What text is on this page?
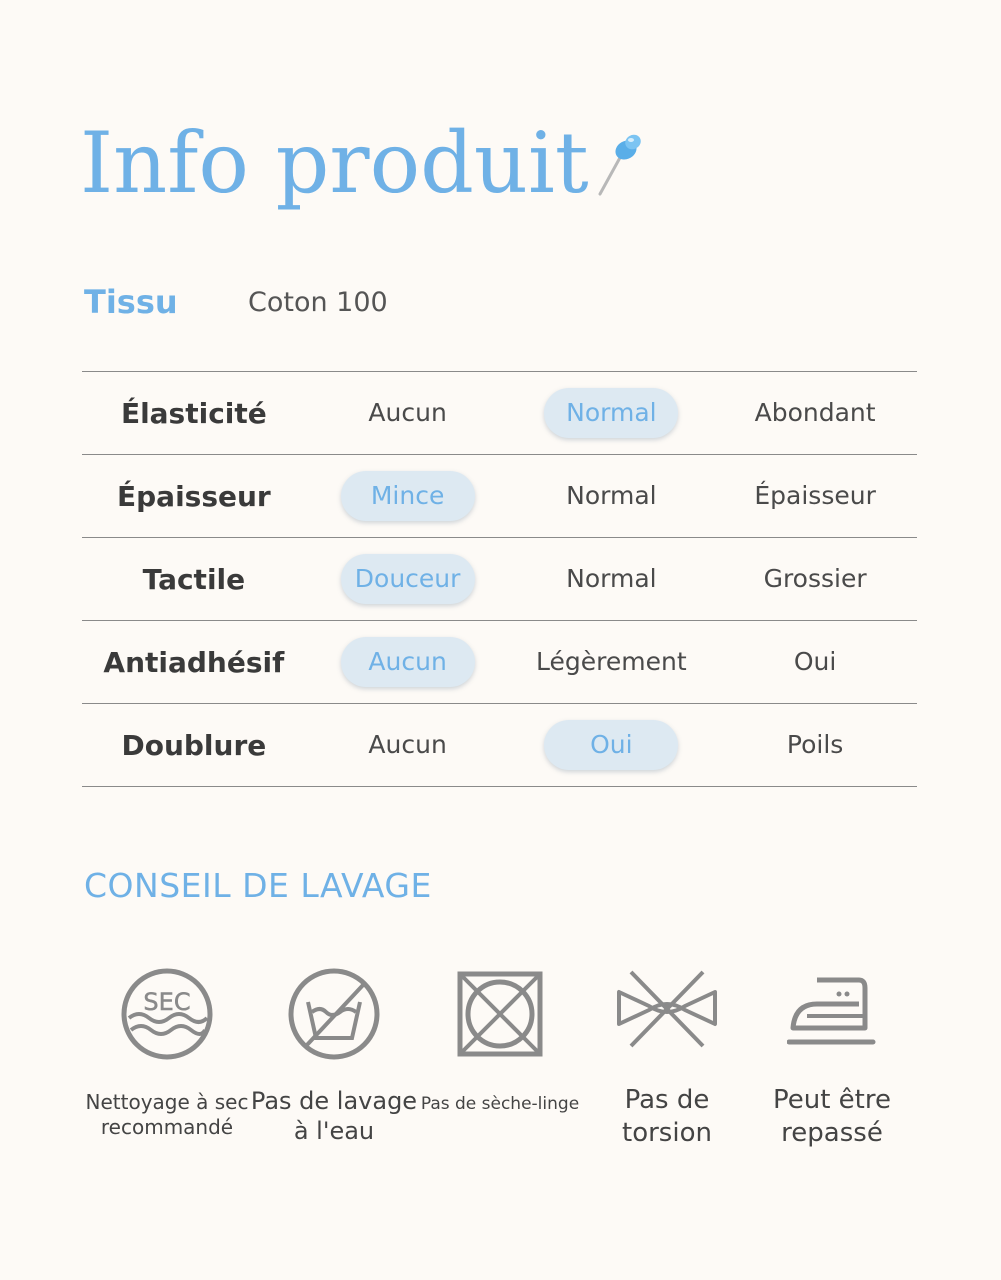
Info produit
Tissu	Coton 100
Élasticité	Aucun	Normal	Abondant
Épaisseur	Mince	Normal	Épaisseur
Tactile	Douceur	Normal	Grossier
Antiadhésif	Aucun	Légèrement	Oui
Doublure	Aucun	Oui	Poils
CONSEIL DE LAVAGE
SEC
Nettoyage à sec
recommandé
Pas de lavage
à l'eau
Pas de sèche-linge	Pas de
torsion
Peut être
repassé
